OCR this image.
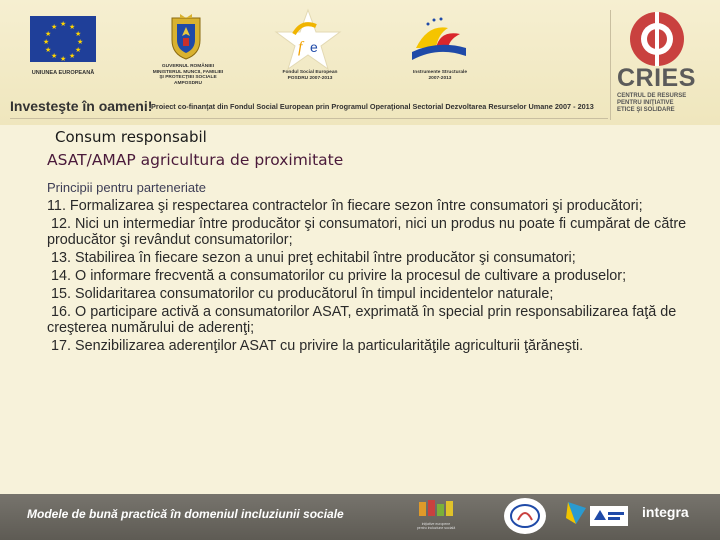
★ ★
★
★
★
★
★
★
★
★
★
★
UNIUNEA EUROPEANĂ
GUVERNUL ROMÂNIEI
MINISTERUL MUNCII, FAMILIEI
ŞI PROTECŢIEI SOCIALE
AMPOSDRU
f e
Fondul Social European
POSDRU 2007-2013
Instrumente Structurale
2007-2013	CRIES
CENTRUL DE RESURSE
PENTRU INIŢIATIVE
ETICE ŞI SOLIDARE
Investeşte în oameni!
Proiect co-finanţat din Fondul Social European prin Programul Operaţional Sectorial Dezvoltarea Resurselor Umane 2007 - 2013
Consum responsabil
ASAT/AMAP agricultura de proximitate
Principii pentru parteneriate

11. Formalizarea şi respectarea contractelor în fiecare sezon între consumatori şi producători;

12. Nici un intermediar între producător şi consumatori, nici un produs nu poate fi cumpărat de către producător şi revândut consumatorilor;

13. Stabilirea în fiecare sezon a unui preţ echitabil între producător şi consumatori;

14. O informare frecventă a consumatorilor cu privire la procesul de cultivare a produselor;

15. Solidaritarea consumatorilor cu producătorul în timpul incidentelor naturale;

16. O participare activă a consumatorilor ASAT, exprimată în special prin responsabilizarea faţă de creşterea numărului de aderenţi;

17. Senzibilizarea aderenţilor ASAT cu privire la particularităţile agriculturii ţărăneşti.

Modele de bună practică în domeniul incluziunii sociale
iniţiative europene
pentru incluziune socială
integra
